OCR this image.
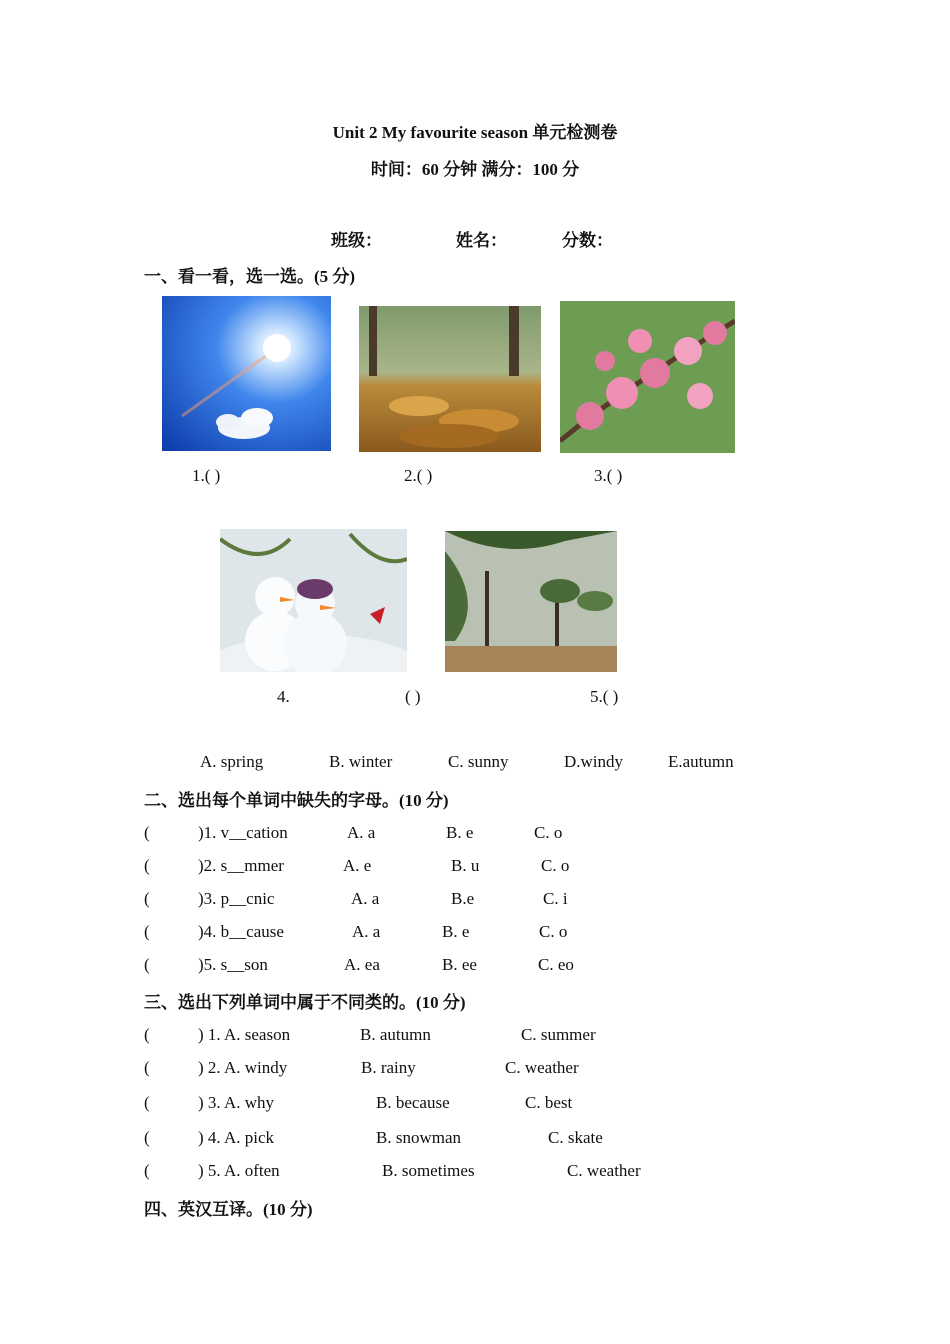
Unit 2 My favourite season 单元检测卷
时间：60 分钟 满分：100 分
班级：	姓名：	分数：
一、看一看，选一选。(5 分)
1.( )	2.( )	3.( )
4.	( )	5.( )
A. spring	B. winter	C. sunny	D.windy	E.autumn
二、选出每个单词中缺失的字母。(10 分)
(	)1. v__cation	A. a	B. e	C. o
(	)2. s__mmer	A. e	B. u	C. o
(	)3. p__cnic	A. a	B.e	C. i
(	)4. b__cause	A. a	B. e	C. o
(	)5. s__son	A. ea	B. ee	C. eo
三、选出下列单词中属于不同类的。(10 分)
(	) 1. A. season	B. autumn	C. summer
(	) 2. A. windy	B. rainy	C. weather
(	) 3. A. why	B. because	C. best
(	) 4. A. pick	B. snowman	C. skate
(	) 5. A. often	B. sometimes	C. weather
四、英汉互译。(10 分)
